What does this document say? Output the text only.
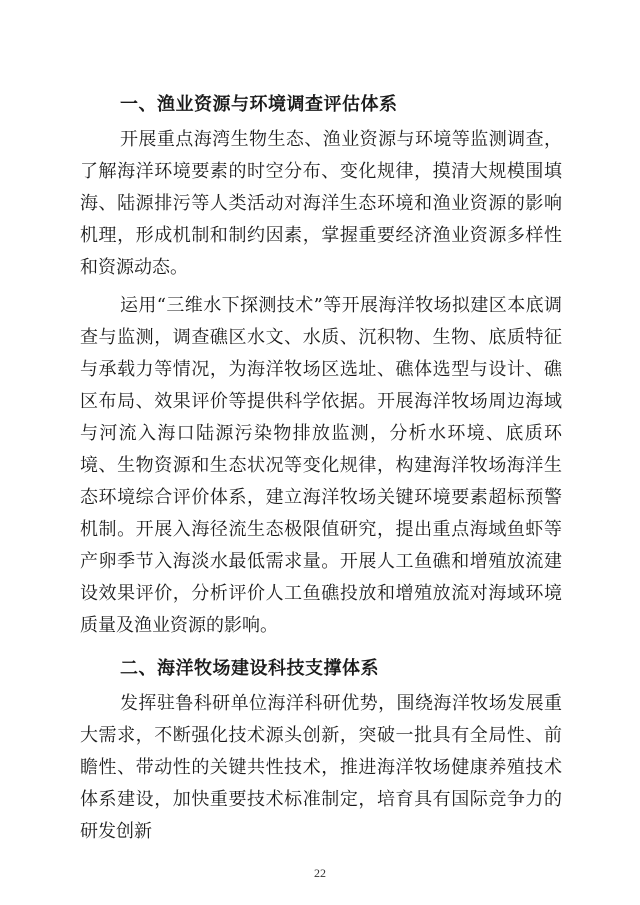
一、渔业资源与环境调查评估体系

开展重点海湾生物生态、渔业资源与环境等监测调查，了解海洋环境要素的时空分布、变化规律，摸清大规模围填海、陆源排污等人类活动对海洋生态环境和渔业资源的影响机理，形成机制和制约因素，掌握重要经济渔业资源多样性和资源动态。

运用“三维水下探测技术”等开展海洋牧场拟建区本底调查与监测，调查礁区水文、水质、沉积物、生物、底质特征与承载力等情况，为海洋牧场区选址、礁体选型与设计、礁区布局、效果评价等提供科学依据。开展海洋牧场周边海域与河流入海口陆源污染物排放监测，分析水环境、底质环境、生物资源和生态状况等变化规律，构建海洋牧场海洋生态环境综合评价体系，建立海洋牧场关键环境要素超标预警机制。开展入海径流生态极限值研究，提出重点海域鱼虾等产卵季节入海淡水最低需求量。开展人工鱼礁和增殖放流建设效果评价，分析评价人工鱼礁投放和增殖放流对海域环境质量及渔业资源的影响。

二、海洋牧场建设科技支撑体系

发挥驻鲁科研单位海洋科研优势，围绕海洋牧场发展重大需求，不断强化技术源头创新，突破一批具有全局性、前瞻性、带动性的关键共性技术，推进海洋牧场健康养殖技术体系建设，加快重要技术标准制定，培育具有国际竞争力的研发创新

22
